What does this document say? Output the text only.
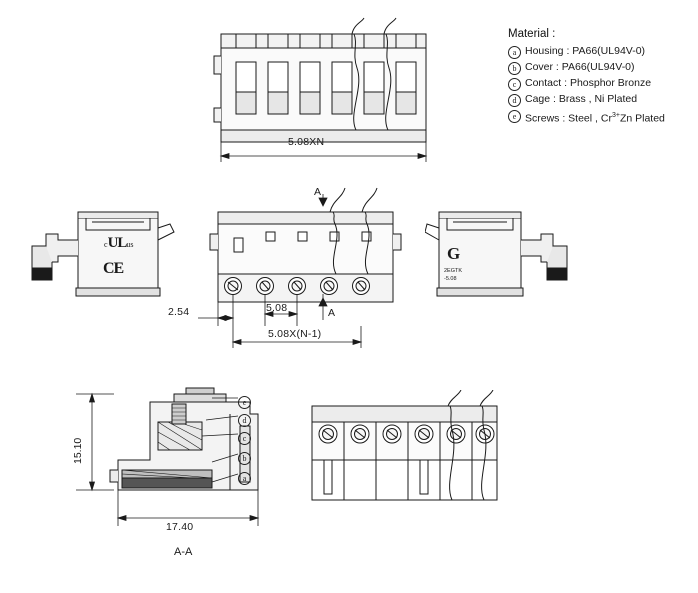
Material :
a Housing : PA66(UL94V-0)
b Cover : PA66(UL94V-0)
c Contact : Phosphor Bronze
d Cage : Brass , Ni Plated
e Screws : Steel , $Cr^{3+}Zn$ Plated
5.08XN
cULus
CE
A
2.54	5.08	A
5.08X(N-1)
G
2EGTK
-5.08
e
d
c
b
a
15.10
17.40
A-A
